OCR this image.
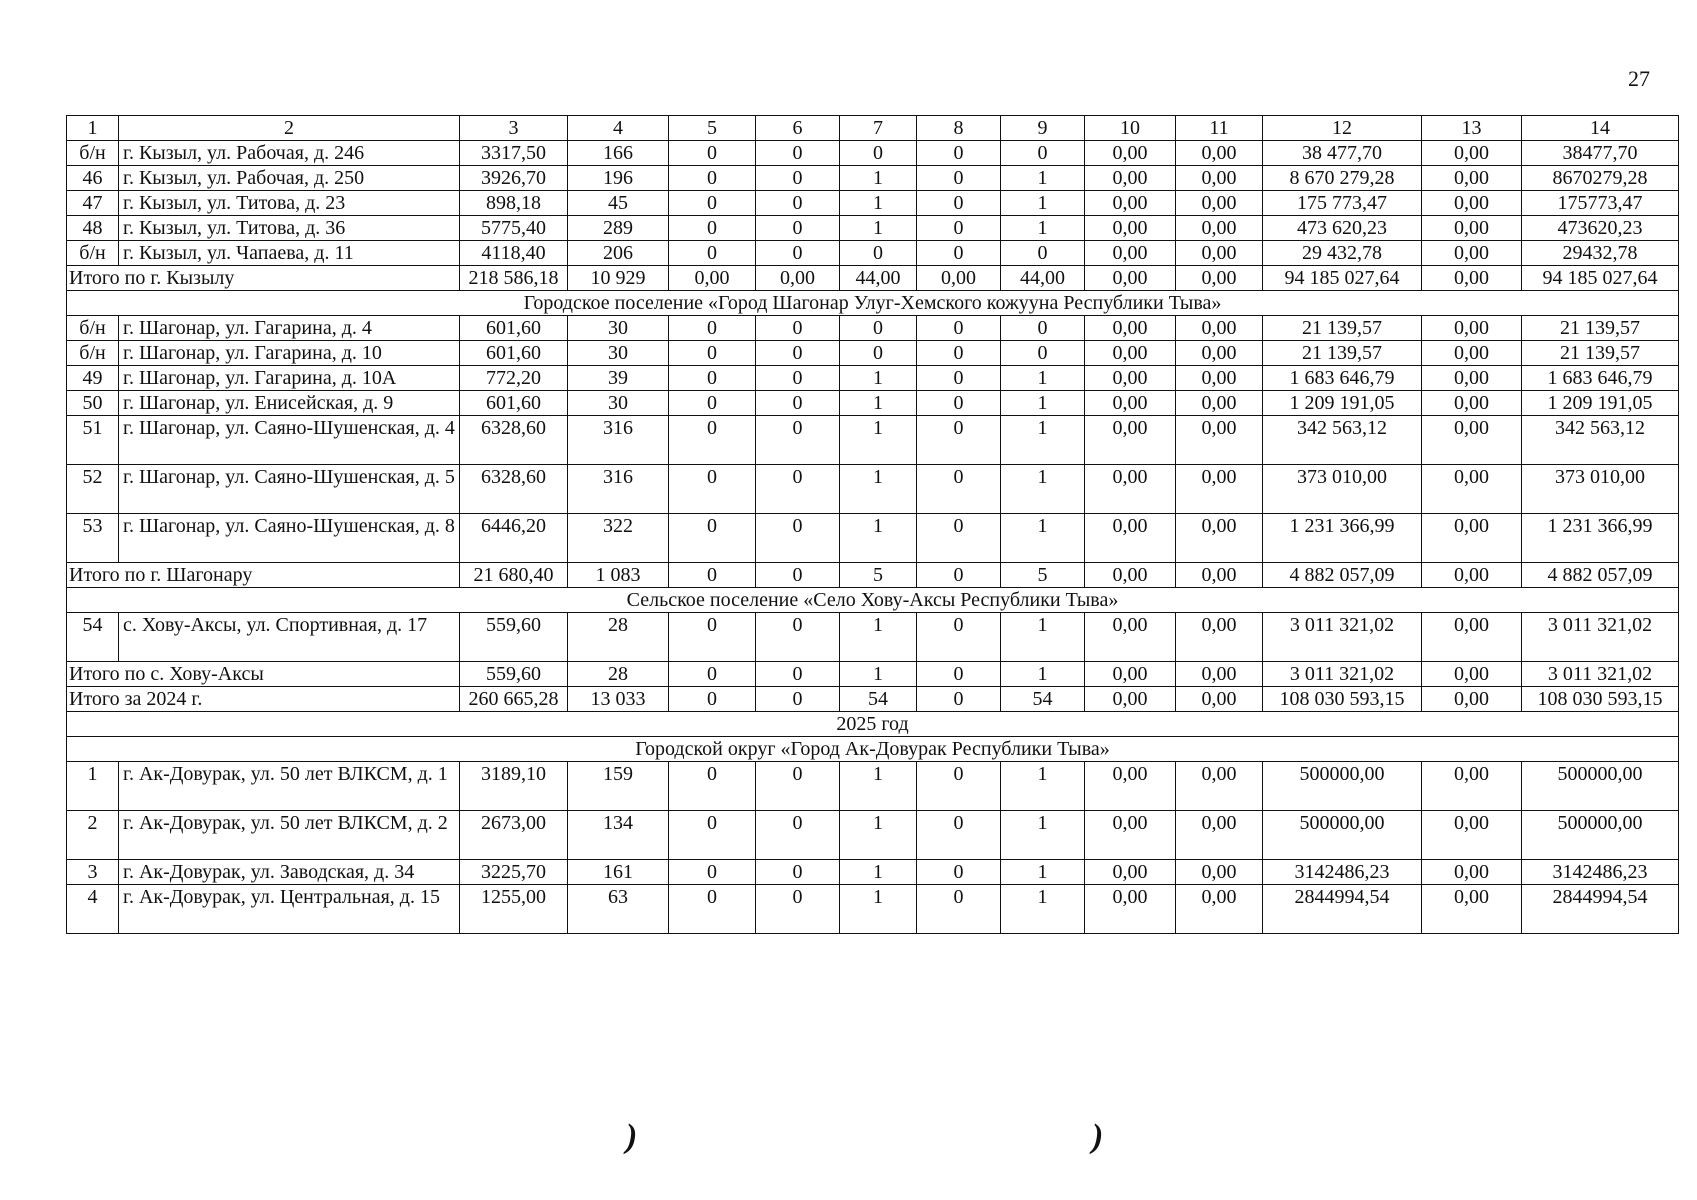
27
1	2	3	4	5	6	7	8	9	10	11	12	13	14
б/н	г. Кызыл, ул. Рабочая, д. 246	3317,50	166	0	0	0	0	0	0,00	0,00	38 477,70	0,00	38477,70
46	г. Кызыл, ул. Рабочая, д. 250	3926,70	196	0	0	1	0	1	0,00	0,00	8 670 279,28	0,00	8670279,28
47	г. Кызыл, ул. Титова, д. 23	898,18	45	0	0	1	0	1	0,00	0,00	175 773,47	0,00	175773,47
48	г. Кызыл, ул. Титова, д. 36	5775,40	289	0	0	1	0	1	0,00	0,00	473 620,23	0,00	473620,23
б/н	г. Кызыл, ул. Чапаева, д. 11	4118,40	206	0	0	0	0	0	0,00	0,00	29 432,78	0,00	29432,78
Итого по г. Кызылу		218 586,18	10 929	0,00	0,00	44,00	0,00	44,00	0,00	0,00	94 185 027,64	0,00	94 185 027,64
Городское поселение «Город Шагонар Улуг-Хемского кожууна Республики Тыва»													
б/н	г. Шагонар, ул. Гагарина, д. 4	601,60	30	0	0	0	0	0	0,00	0,00	21 139,57	0,00	21 139,57
б/н	г. Шагонар, ул. Гагарина, д. 10	601,60	30	0	0	0	0	0	0,00	0,00	21 139,57	0,00	21 139,57
49	г. Шагонар, ул. Гагарина, д. 10А	772,20	39	0	0	1	0	1	0,00	0,00	1 683 646,79	0,00	1 683 646,79
50	г. Шагонар, ул. Енисейская, д. 9	601,60	30	0	0	1	0	1	0,00	0,00	1 209 191,05	0,00	1 209 191,05
51	г. Шагонар, ул. Саяно-Шушенская, д. 4	6328,60	316	0	0	1	0	1	0,00	0,00	342 563,12	0,00	342 563,12
52	г. Шагонар, ул. Саяно-Шушенская, д. 5	6328,60	316	0	0	1	0	1	0,00	0,00	373 010,00	0,00	373 010,00
53	г. Шагонар, ул. Саяно-Шушенская, д. 8	6446,20	322	0	0	1	0	1	0,00	0,00	1 231 366,99	0,00	1 231 366,99
Итого по г. Шагонару		21 680,40	1 083	0	0	5	0	5	0,00	0,00	4 882 057,09	0,00	4 882 057,09
Сельское поселение «Село Хову-Аксы Республики Тыва»													
54	с. Хову-Аксы, ул. Спортивная, д. 17	559,60	28	0	0	1	0	1	0,00	0,00	3 011 321,02	0,00	3 011 321,02
Итого по с. Хову-Аксы		559,60	28	0	0	1	0	1	0,00	0,00	3 011 321,02	0,00	3 011 321,02
Итого за 2024 г.		260 665,28	13 033	0	0	54	0	54	0,00	0,00	108 030 593,15	0,00	108 030 593,15
2025 год													
Городской округ «Город Ак-Довурак Республики Тыва»													
1	г. Ак-Довурак, ул. 50 лет ВЛКСМ, д. 1	3189,10	159	0	0	1	0	1	0,00	0,00	500000,00	0,00	500000,00
2	г. Ак-Довурак, ул. 50 лет ВЛКСМ, д. 2	2673,00	134	0	0	1	0	1	0,00	0,00	500000,00	0,00	500000,00
3	г. Ак-Довурак, ул. Заводская, д. 34	3225,70	161	0	0	1	0	1	0,00	0,00	3142486,23	0,00	3142486,23
4	г. Ак-Довурак, ул. Центральная, д. 15	1255,00	63	0	0	1	0	1	0,00	0,00	2844994,54	0,00	2844994,54
)	)
